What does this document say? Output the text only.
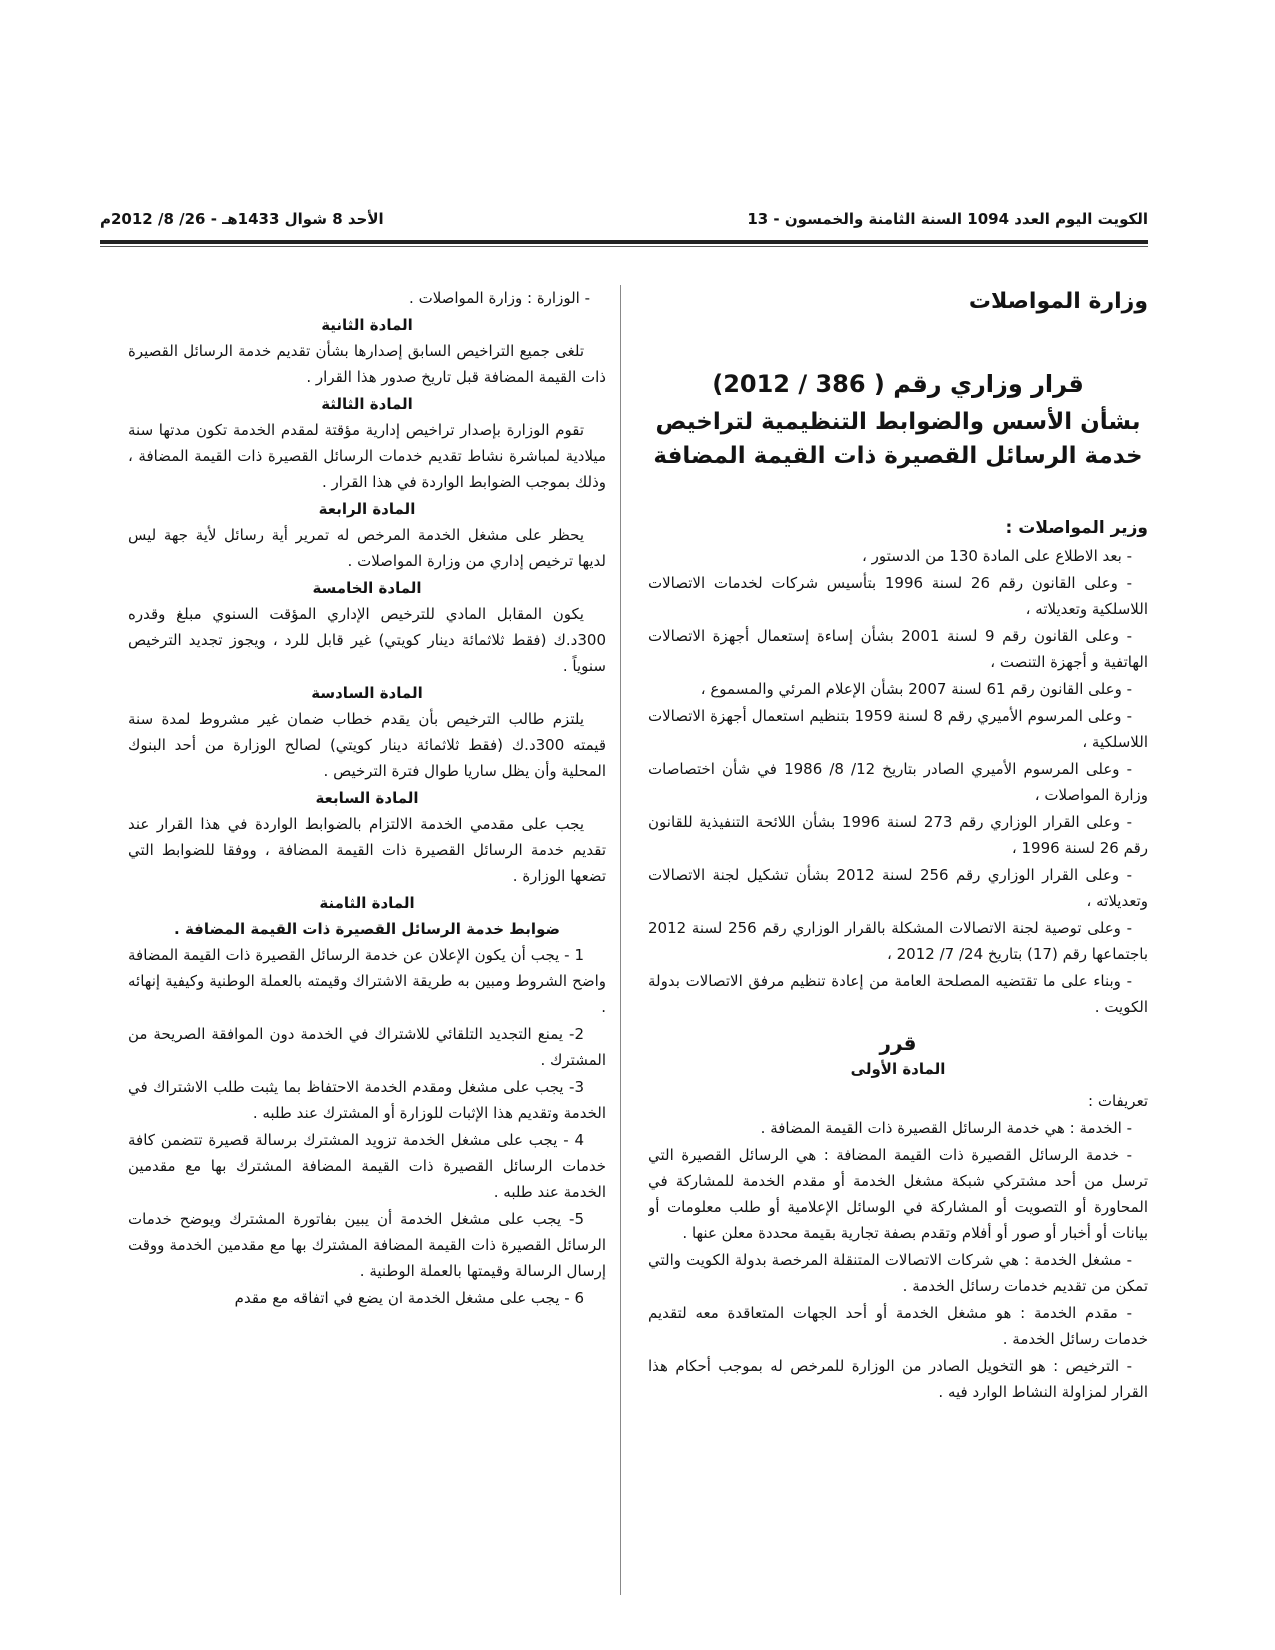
الكويت اليوم العدد 1094 السنة الثامنة والخمسون - 13
الأحد 8 شوال 1433هـ - 26/ 8/ 2012م
وزارة المواصلات
قرار وزاري رقم ( 386 / 2012)
بشأن الأسس والضوابط التنظيمية لتراخيص
خدمة الرسائل القصيرة ذات القيمة المضافة
وزير المواصلات :

- بعد الاطلاع على المادة 130 من الدستور ،

- وعلى القانون رقم 26 لسنة 1996 بتأسيس شركات لخدمات الاتصالات اللاسلكية وتعديلاته ،

- وعلى القانون رقم 9 لسنة 2001 بشأن إساءة إستعمال أجهزة الاتصالات الهاتفية و أجهزة التنصت ،

- وعلى القانون رقم 61 لسنة 2007 بشأن الإعلام المرئي والمسموع ،

- وعلى المرسوم الأميري رقم 8 لسنة 1959 بتنظيم استعمال أجهزة الاتصالات اللاسلكية ،

- وعلى المرسوم الأميري الصادر بتاريخ 12/ 8/ 1986 في شأن اختصاصات وزارة المواصلات ،

- وعلى القرار الوزاري رقم 273 لسنة 1996 بشأن اللائحة التنفيذية للقانون رقم 26 لسنة 1996 ،

- وعلى القرار الوزاري رقم 256 لسنة 2012 بشأن تشكيل لجنة الاتصالات وتعديلاته ،

- وعلى توصية لجنة الاتصالات المشكلة بالقرار الوزاري رقم 256 لسنة 2012 باجتماعها رقم (17) بتاريخ 24/ 7/ 2012 ،

- وبناء على ما تقتضيه المصلحة العامة من إعادة تنظيم مرفق الاتصالات بدولة الكويت .

قرر
المادة الأولى

تعريفات :

- الخدمة : هي خدمة الرسائل القصيرة ذات القيمة المضافة .

- خدمة الرسائل القصيرة ذات القيمة المضافة : هي الرسائل القصيرة التي ترسل من أحد مشتركي شبكة مشغل الخدمة أو مقدم الخدمة للمشاركة في المحاورة أو التصويت أو المشاركة في الوسائل الإعلامية أو طلب معلومات أو بيانات أو أخبار أو صور أو أفلام وتقدم بصفة تجارية بقيمة محددة معلن عنها .

- مشغل الخدمة : هي شركات الاتصالات المتنقلة المرخصة بدولة الكويت والتي تمكن من تقديم خدمات رسائل الخدمة .

- مقدم الخدمة : هو مشغل الخدمة أو أحد الجهات المتعاقدة معه لتقديم خدمات رسائل الخدمة .

- الترخيص : هو التخويل الصادر من الوزارة للمرخص له بموجب أحكام هذا القرار لمزاولة النشاط الوارد فيه .

- الوزارة : وزارة المواصلات .

المادة الثانية

تلغى جميع التراخيص السابق إصدارها بشأن تقديم خدمة الرسائل القصيرة ذات القيمة المضافة قبل تاريخ صدور هذا القرار .

المادة الثالثة

تقوم الوزارة بإصدار تراخيص إدارية مؤقتة لمقدم الخدمة تكون مدتها سنة ميلادية لمباشرة نشاط تقديم خدمات الرسائل القصيرة ذات القيمة المضافة ، وذلك بموجب الضوابط الواردة في هذا القرار .

المادة الرابعة

يحظر على مشغل الخدمة المرخص له تمرير أية رسائل لأية جهة ليس لديها ترخيص إداري من وزارة المواصلات .

المادة الخامسة

يكون المقابل المادي للترخيص الإداري المؤقت السنوي مبلغ وقدره 300د.ك (فقط ثلاثمائة دينار كويتي) غير قابل للرد ، ويجوز تجديد الترخيص سنوياً .

المادة السادسة

يلتزم طالب الترخيص بأن يقدم خطاب ضمان غير مشروط لمدة سنة قيمته 300د.ك (فقط ثلاثمائة دينار كويتي) لصالح الوزارة من أحد البنوك المحلية وأن يظل ساريا طوال فترة الترخيص .

المادة السابعة

يجب على مقدمي الخدمة الالتزام بالضوابط الواردة في هذا القرار عند تقديم خدمة الرسائل القصيرة ذات القيمة المضافة ، ووفقا للضوابط التي تضعها الوزارة .

المادة الثامنة
ضوابط خدمة الرسائل القصيرة ذات القيمة المضافة .

1 - يجب أن يكون الإعلان عن خدمة الرسائل القصيرة ذات القيمة المضافة واضح الشروط ومبين به طريقة الاشتراك وقيمته بالعملة الوطنية وكيفية إنهائه .

2- يمنع التجديد التلقائي للاشتراك في الخدمة دون الموافقة الصريحة من المشترك .

3- يجب على مشغل ومقدم الخدمة الاحتفاظ بما يثبت طلب الاشتراك في الخدمة وتقديم هذا الإثبات للوزارة أو المشترك عند طلبه .

4 - يجب على مشغل الخدمة تزويد المشترك برسالة قصيرة تتضمن كافة خدمات الرسائل القصيرة ذات القيمة المضافة المشترك بها مع مقدمين الخدمة عند طلبه .

5- يجب على مشغل الخدمة أن يبين بفاتورة المشترك ويوضح خدمات الرسائل القصيرة ذات القيمة المضافة المشترك بها مع مقدمين الخدمة ووقت إرسال الرسالة وقيمتها بالعملة الوطنية .

6 - يجب على مشغل الخدمة ان يضع في اتفاقه مع مقدم
